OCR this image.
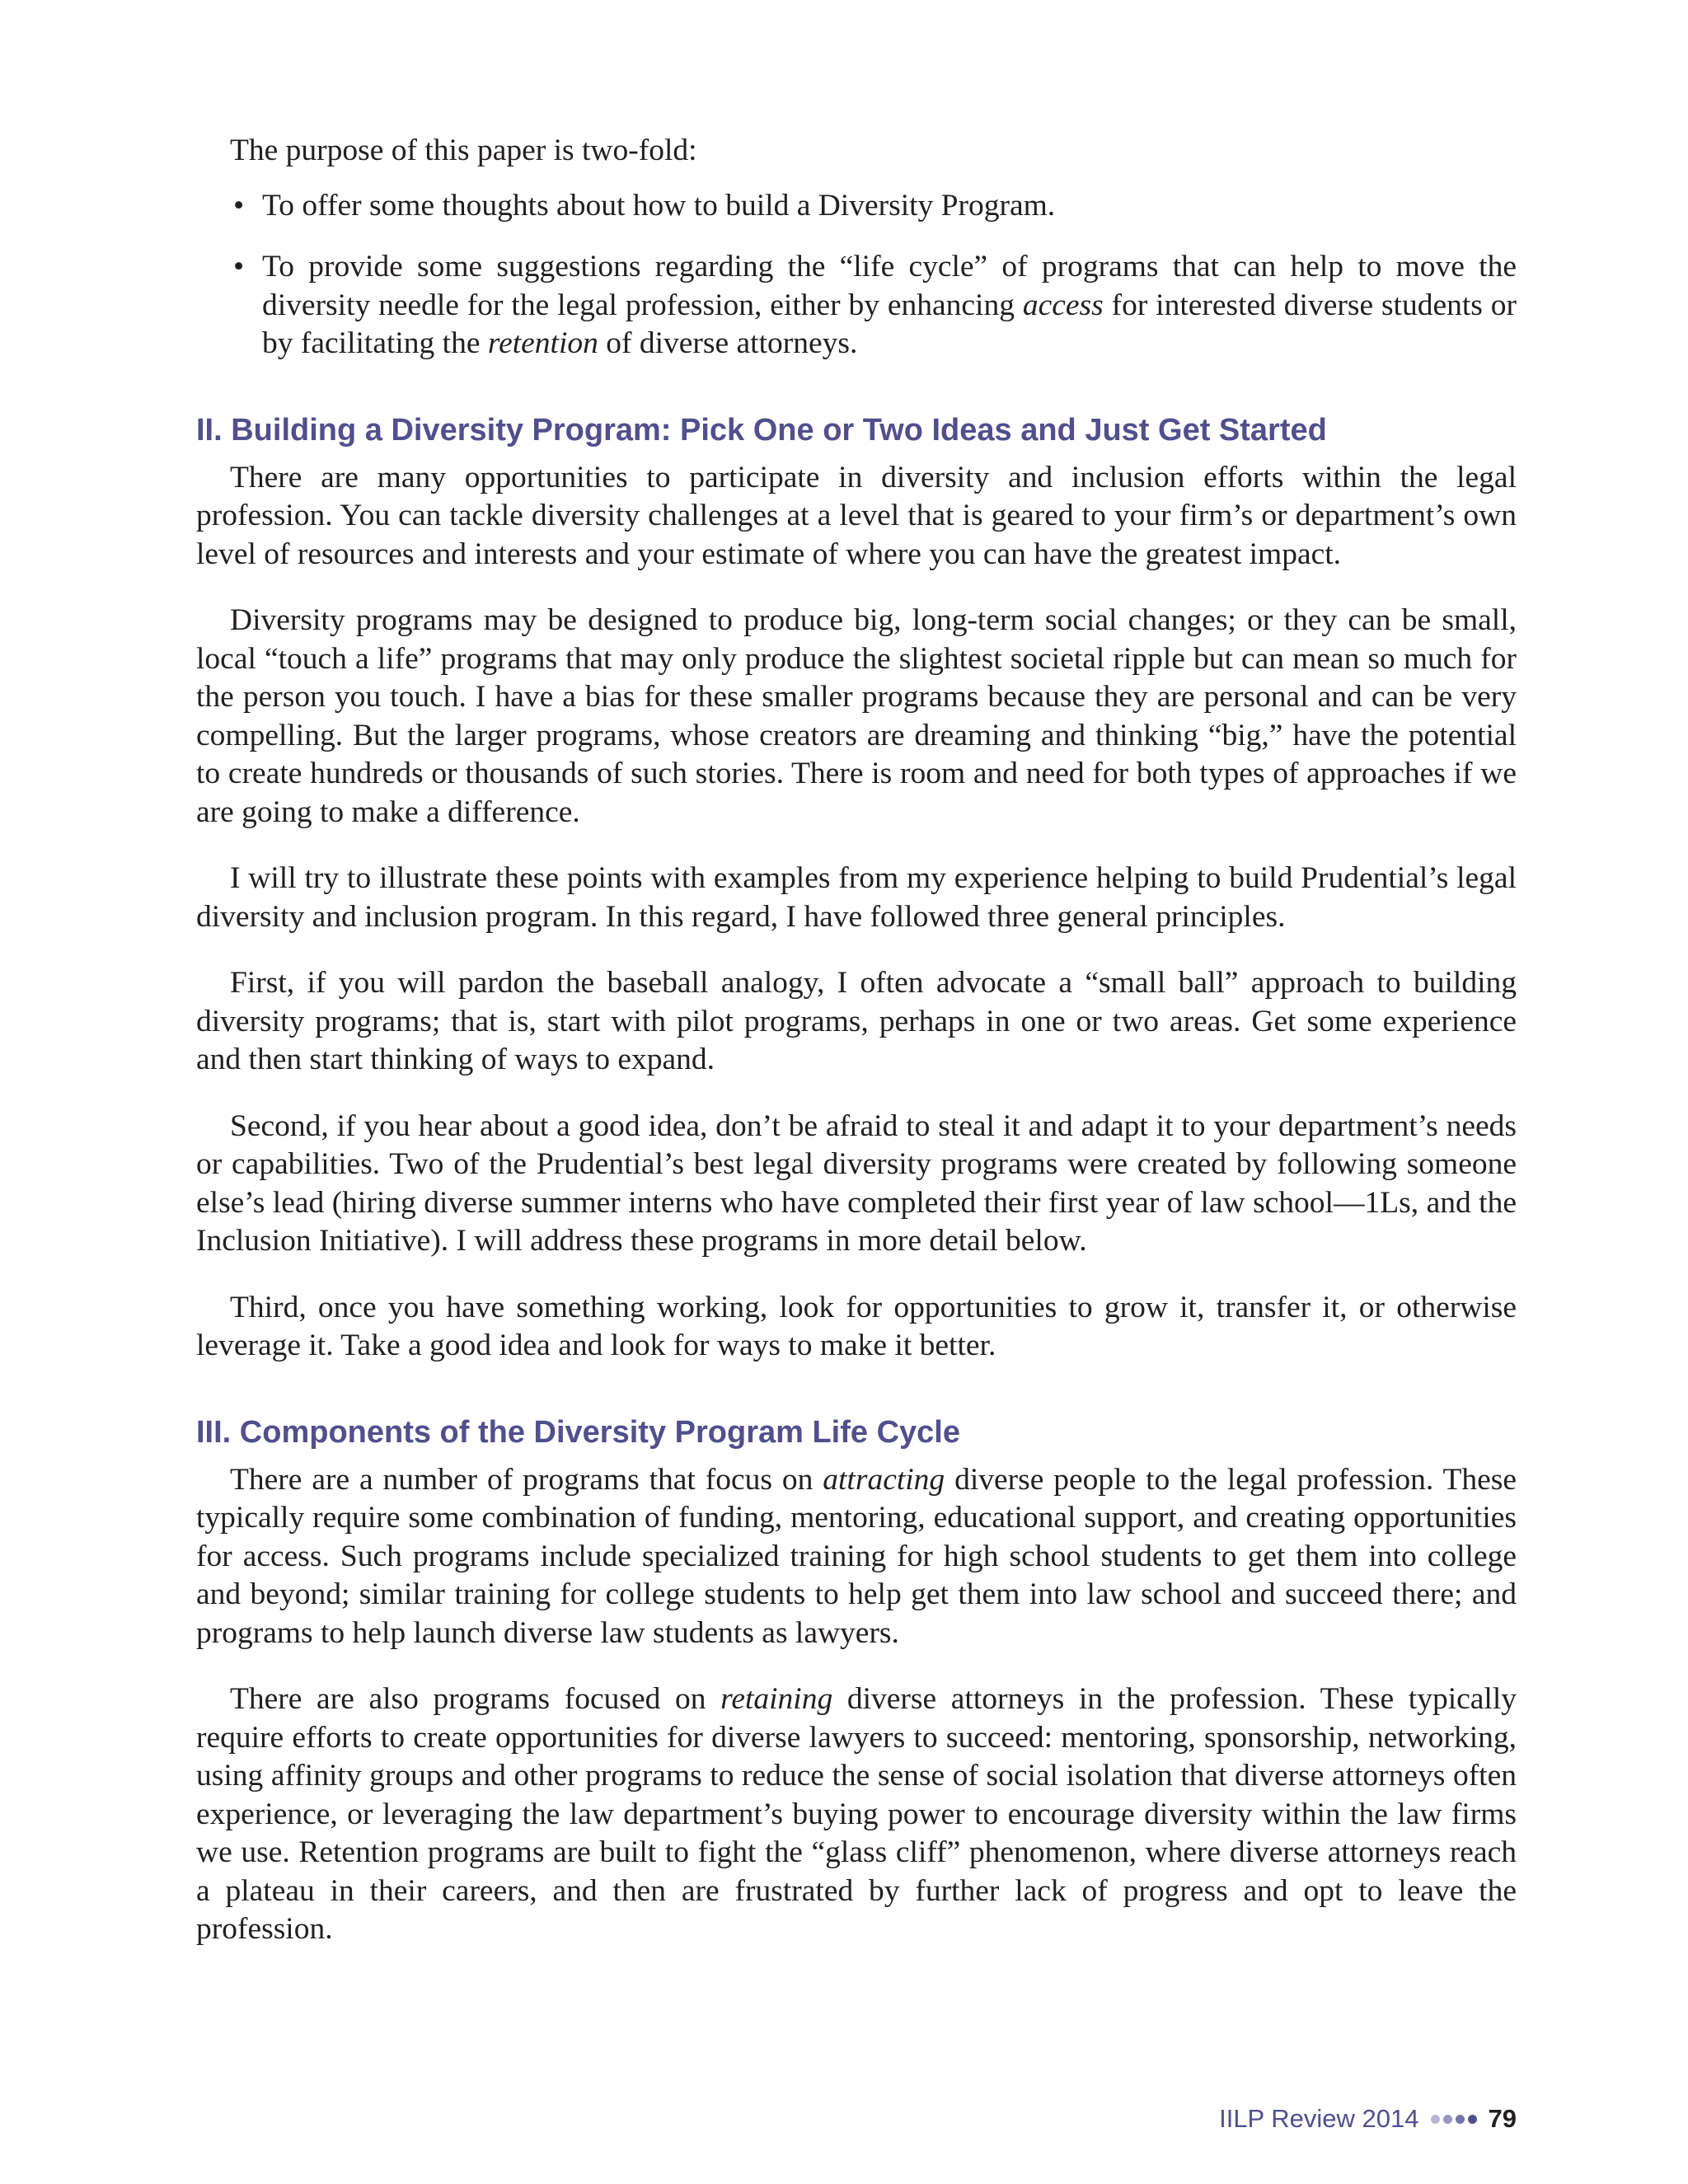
The purpose of this paper is two-fold:

• To offer some thoughts about how to build a Diversity Program.
• To provide some suggestions regarding the “life cycle” of programs that can help to move the diversity needle for the legal profession, either by enhancing access for interested diverse students or by facilitating the retention of diverse attorneys.
II. Building a Diversity Program: Pick One or Two Ideas and Just Get Started

There are many opportunities to participate in diversity and inclusion efforts within the legal profession. You can tackle diversity challenges at a level that is geared to your firm’s or department’s own level of resources and interests and your estimate of where you can have the greatest impact.

Diversity programs may be designed to produce big, long-term social changes; or they can be small, local “touch a life” programs that may only produce the slightest societal ripple but can mean so much for the person you touch. I have a bias for these smaller programs because they are personal and can be very compelling. But the larger programs, whose creators are dreaming and thinking “big,” have the potential to create hundreds or thousands of such stories. There is room and need for both types of approaches if we are going to make a difference.

I will try to illustrate these points with examples from my experience helping to build Prudential’s legal diversity and inclusion program. In this regard, I have followed three general principles.

First, if you will pardon the baseball analogy, I often advocate a “small ball” approach to building diversity programs; that is, start with pilot programs, perhaps in one or two areas. Get some experience and then start thinking of ways to expand.

Second, if you hear about a good idea, don’t be afraid to steal it and adapt it to your department’s needs or capabilities. Two of the Prudential’s best legal diversity programs were created by following someone else’s lead (hiring diverse summer interns who have completed their first year of law school—1Ls, and the Inclusion Initiative). I will address these programs in more detail below.

Third, once you have something working, look for opportunities to grow it, transfer it, or otherwise leverage it. Take a good idea and look for ways to make it better.

III. Components of the Diversity Program Life Cycle

There are a number of programs that focus on attracting diverse people to the legal profession. These typically require some combination of funding, mentoring, educational support, and creating opportunities for access. Such programs include specialized training for high school students to get them into college and beyond; similar training for college students to help get them into law school and succeed there; and programs to help launch diverse law students as lawyers.

There are also programs focused on retaining diverse attorneys in the profession. These typically require efforts to create opportunities for diverse lawyers to succeed: mentoring, sponsorship, networking, using affinity groups and other programs to reduce the sense of social isolation that diverse attorneys often experience, or leveraging the law department’s buying power to encourage diversity within the law firms we use. Retention programs are built to fight the “glass cliff” phenomenon, where diverse attorneys reach a plateau in their careers, and then are frustrated by further lack of progress and opt to leave the profession.

IILP Review 2014	79
